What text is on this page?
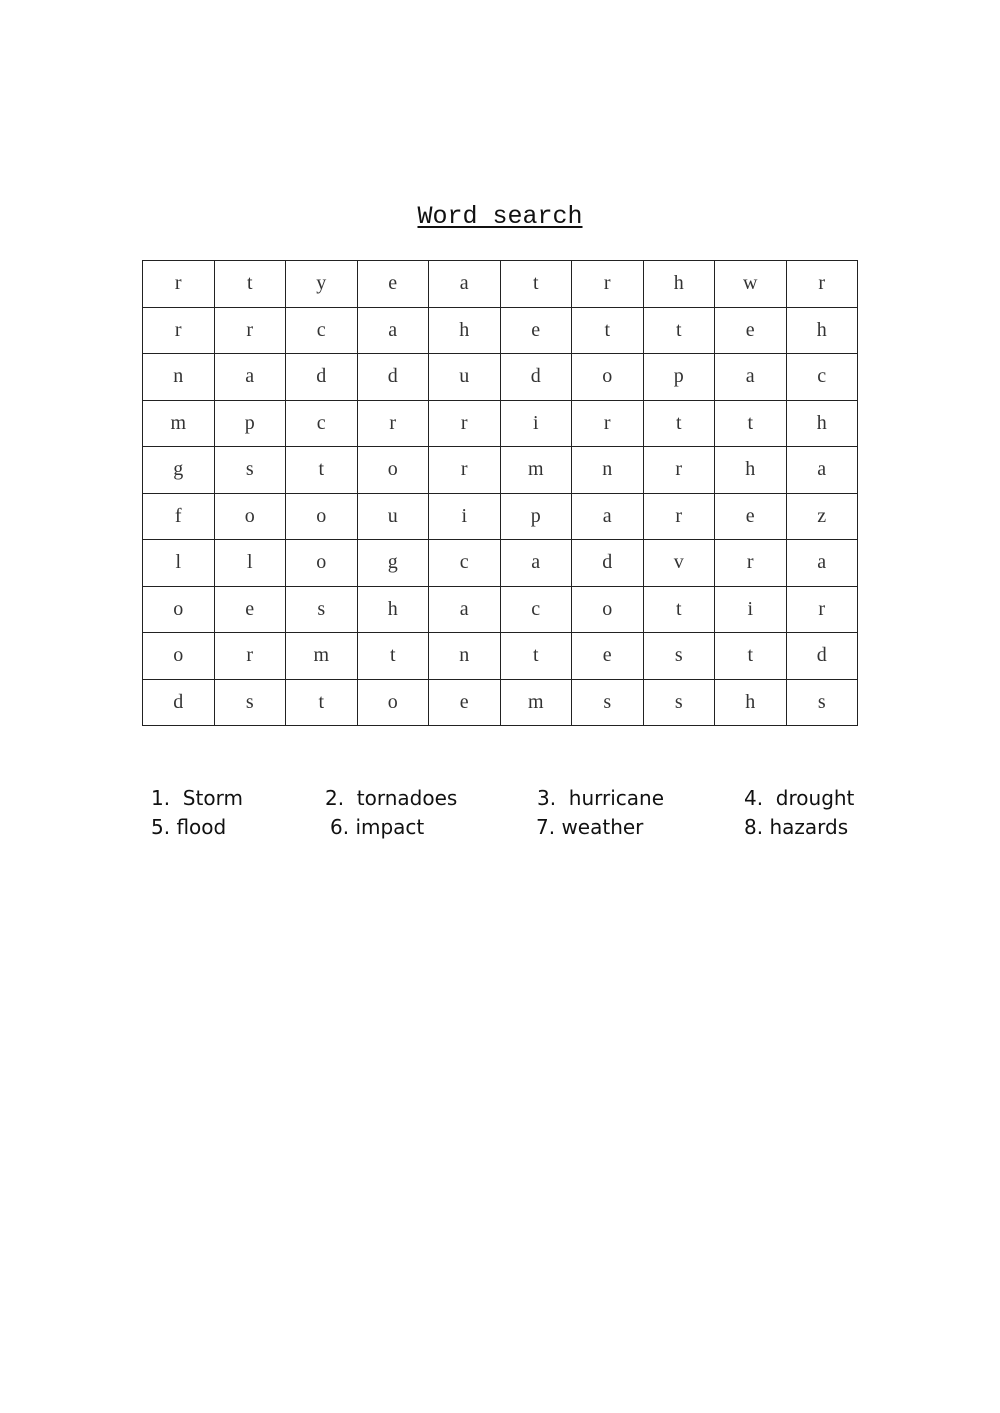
Word search
r	t	y	e	a	t	r	h	w	r
r	r	c	a	h	e	t	t	e	h
n	a	d	d	u	d	o	p	a	c
m	p	c	r	r	i	r	t	t	h
g	s	t	o	r	m	n	r	h	a
f	o	o	u	i	p	a	r	e	z
l	l	o	g	c	a	d	v	r	a
o	e	s	h	a	c	o	t	i	r
o	r	m	t	n	t	e	s	t	d
d	s	t	o	e	m	s	s	h	s
1.  Storm	2.  tornadoes	3.  hurricane	4.  drought
5. flood	6. impact	7. weather	8. hazards
